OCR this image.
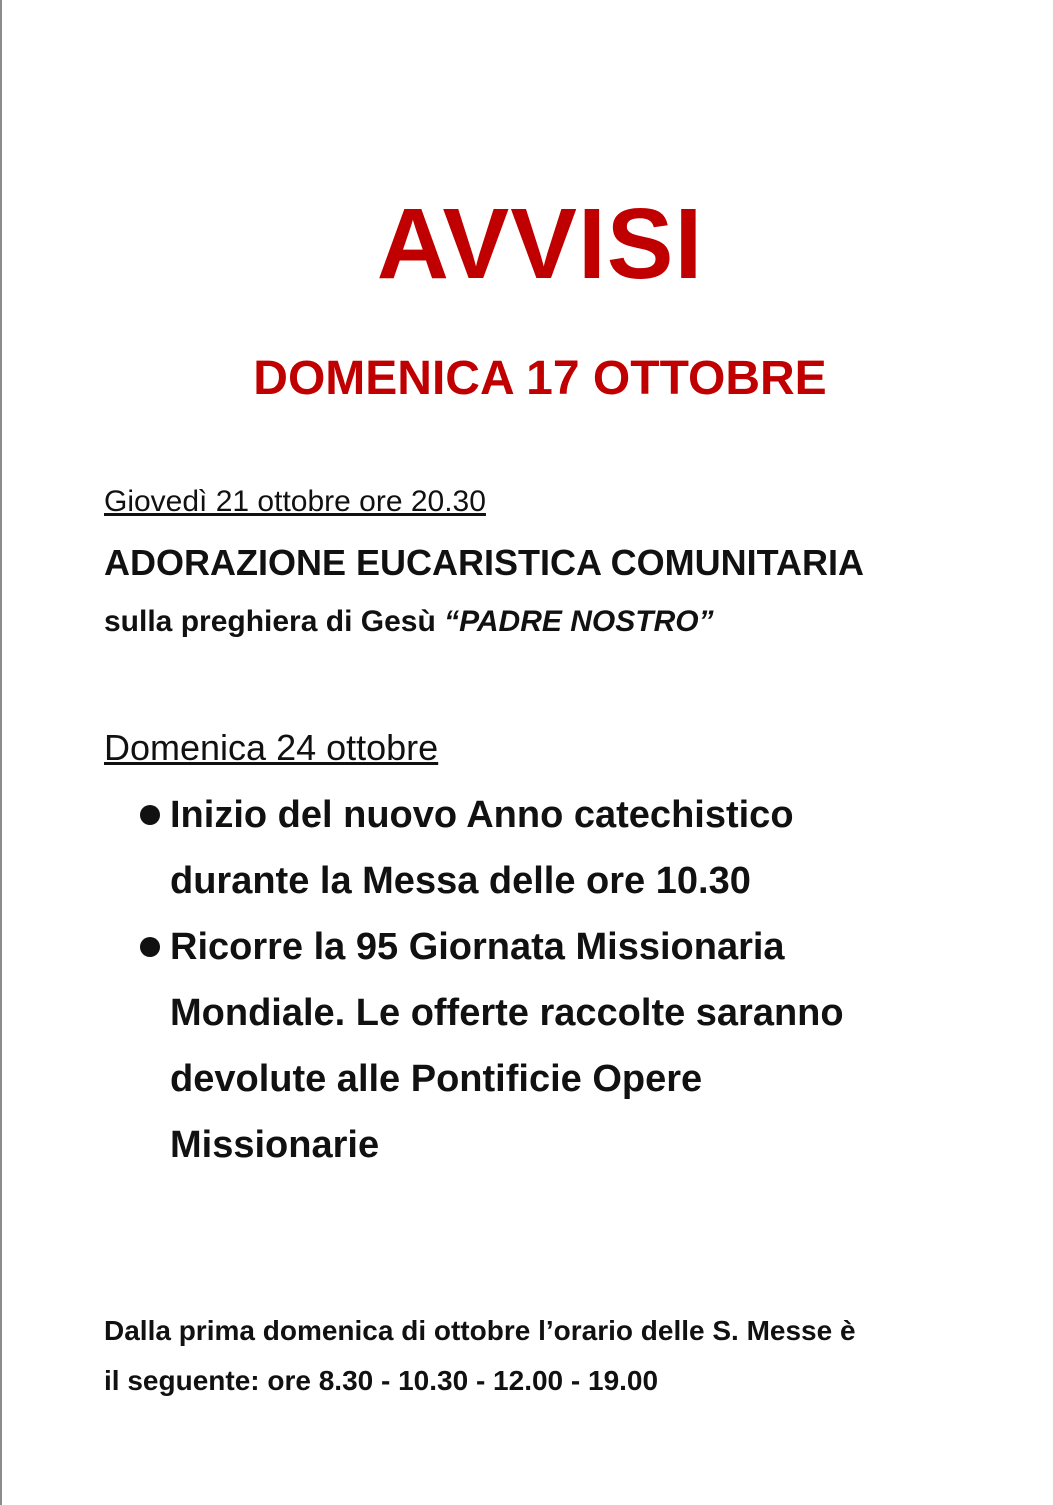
AVVISI
DOMENICA 17 OTTOBRE
Giovedì 21 ottobre ore 20.30
ADORAZIONE EUCARISTICA COMUNITARIA
sulla preghiera di Gesù “PADRE NOSTRO”
Domenica 24 ottobre
Inizio del nuovo Anno catechistico
durante la Messa delle ore 10.30
Ricorre la 95 Giornata Missionaria
Mondiale. Le offerte raccolte saranno
devolute alle Pontificie Opere
Missionarie
Dalla prima domenica di ottobre l’orario delle S. Messe è
il seguente: ore 8.30 - 10.30 - 12.00 - 19.00
